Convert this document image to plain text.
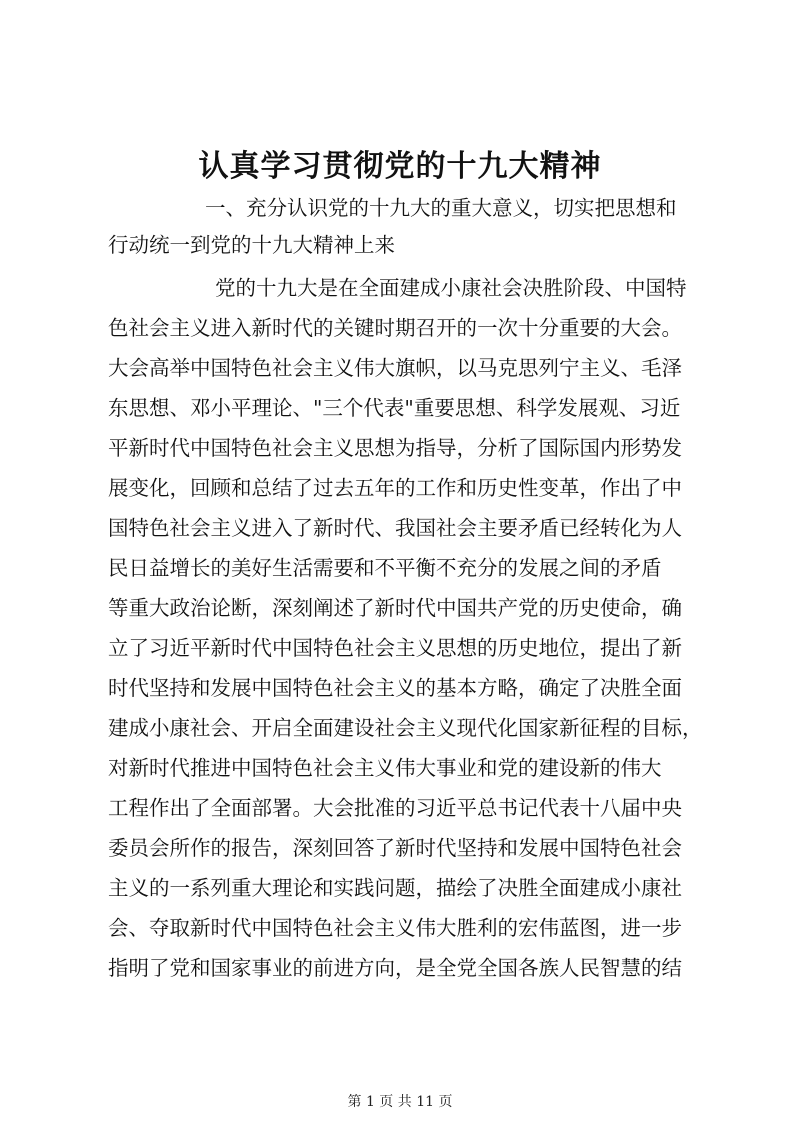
认真学习贯彻党的十九大精神
一、充分认识党的十九大的重大意义，切实把思想和
行动统一到党的十九大精神上来
党的十九大是在全面建成小康社会决胜阶段、中国特
色社会主义进入新时代的关键时期召开的一次十分重要的大会。
大会高举中国特色社会主义伟大旗帜，以马克思列宁主义、毛泽
东思想、邓小平理论、"三个代表"重要思想、科学发展观、习近
平新时代中国特色社会主义思想为指导，分析了国际国内形势发
展变化，回顾和总结了过去五年的工作和历史性变革，作出了中
国特色社会主义进入了新时代、我国社会主要矛盾已经转化为人
民日益增长的美好生活需要和不平衡不充分的发展之间的矛盾
等重大政治论断，深刻阐述了新时代中国共产党的历史使命，确
立了习近平新时代中国特色社会主义思想的历史地位，提出了新
时代坚持和发展中国特色社会主义的基本方略，确定了决胜全面
建成小康社会、开启全面建设社会主义现代化国家新征程的目标，
对新时代推进中国特色社会主义伟大事业和党的建设新的伟大
工程作出了全面部署。大会批准的习近平总书记代表十八届中央
委员会所作的报告，深刻回答了新时代坚持和发展中国特色社会
主义的一系列重大理论和实践问题，描绘了决胜全面建成小康社
会、夺取新时代中国特色社会主义伟大胜利的宏伟蓝图，进一步
指明了党和国家事业的前进方向，是全党全国各族人民智慧的结
第 1 页 共 11 页
